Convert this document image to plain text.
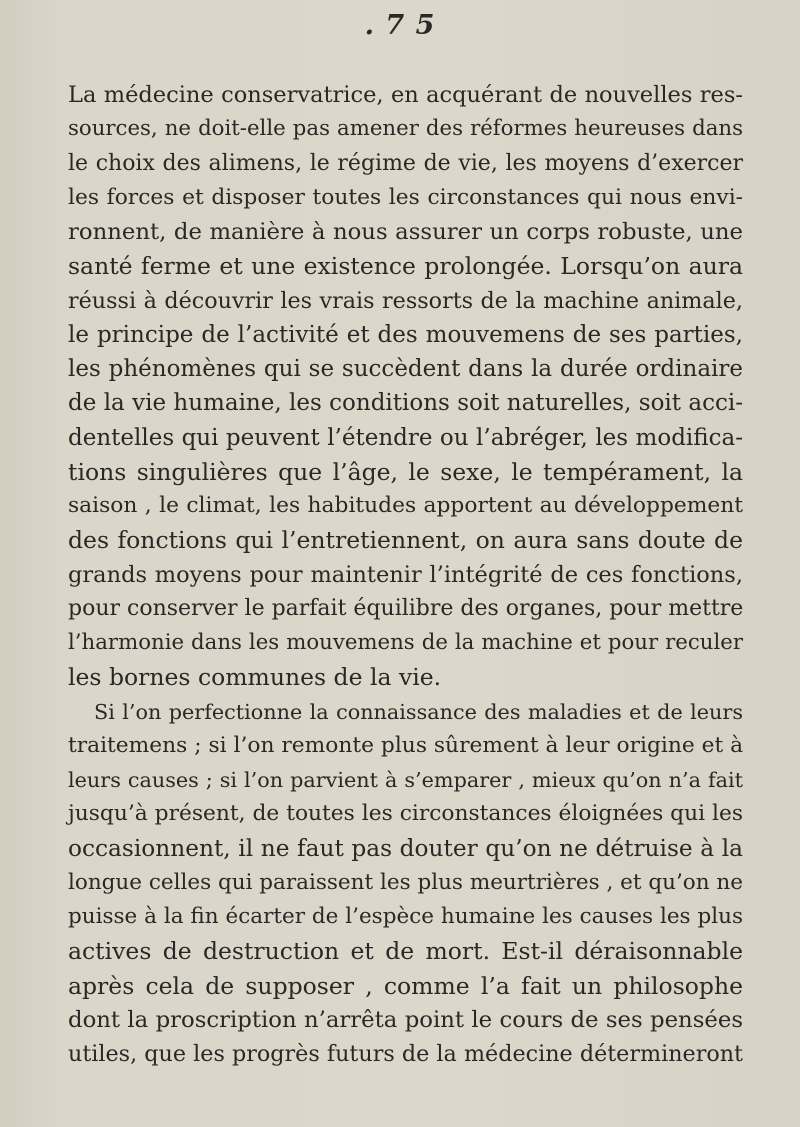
. 7 5
La médecine conservatrice, en acquérant de nouvelles res-
sources, ne doit-elle pas amener des réformes heureuses dans
le choix des alimens, le régime de vie, les moyens d’exercer
les forces et disposer toutes les circonstances qui nous envi-
ronnent, de manière à nous assurer un corps robuste, une
santé ferme et une existence prolongée. Lorsqu’on aura
réussi à découvrir les vrais ressorts de la machine animale,
le principe de l’activité et des mouvemens de ses parties,
les phénomènes qui se succèdent dans la durée ordinaire
de la vie humaine, les conditions soit naturelles, soit acci-
dentelles qui peuvent l’étendre ou l’abréger, les modifica-
tions singulières que l’âge, le sexe, le tempérament, la
saison , le climat, les habitudes apportent au développement
des fonctions qui l’entretiennent, on aura sans doute de
grands moyens pour maintenir l’intégrité de ces fonctions,
pour conserver le parfait équilibre des organes, pour mettre
l’harmonie dans les mouvemens de la machine et pour reculer
les bornes communes de la vie.
Si l’on perfectionne la connaissance des maladies et de leurs
traitemens ; si l’on remonte plus sûrement à leur origine et à
leurs causes ; si l’on parvient à s’emparer , mieux qu’on n’a fait
jusqu’à présent, de toutes les circonstances éloignées qui les
occasionnent, il ne faut pas douter qu’on ne détruise à la
longue celles qui paraissent les plus meurtrières , et qu’on ne
puisse à la fin écarter de l’espèce humaine les causes les plus
actives de destruction et de mort. Est-il déraisonnable
après cela de supposer , comme l’a fait un philosophe
dont la proscription n’arrêta point le cours de ses pensées
utiles, que les progrès futurs de la médecine détermineront
